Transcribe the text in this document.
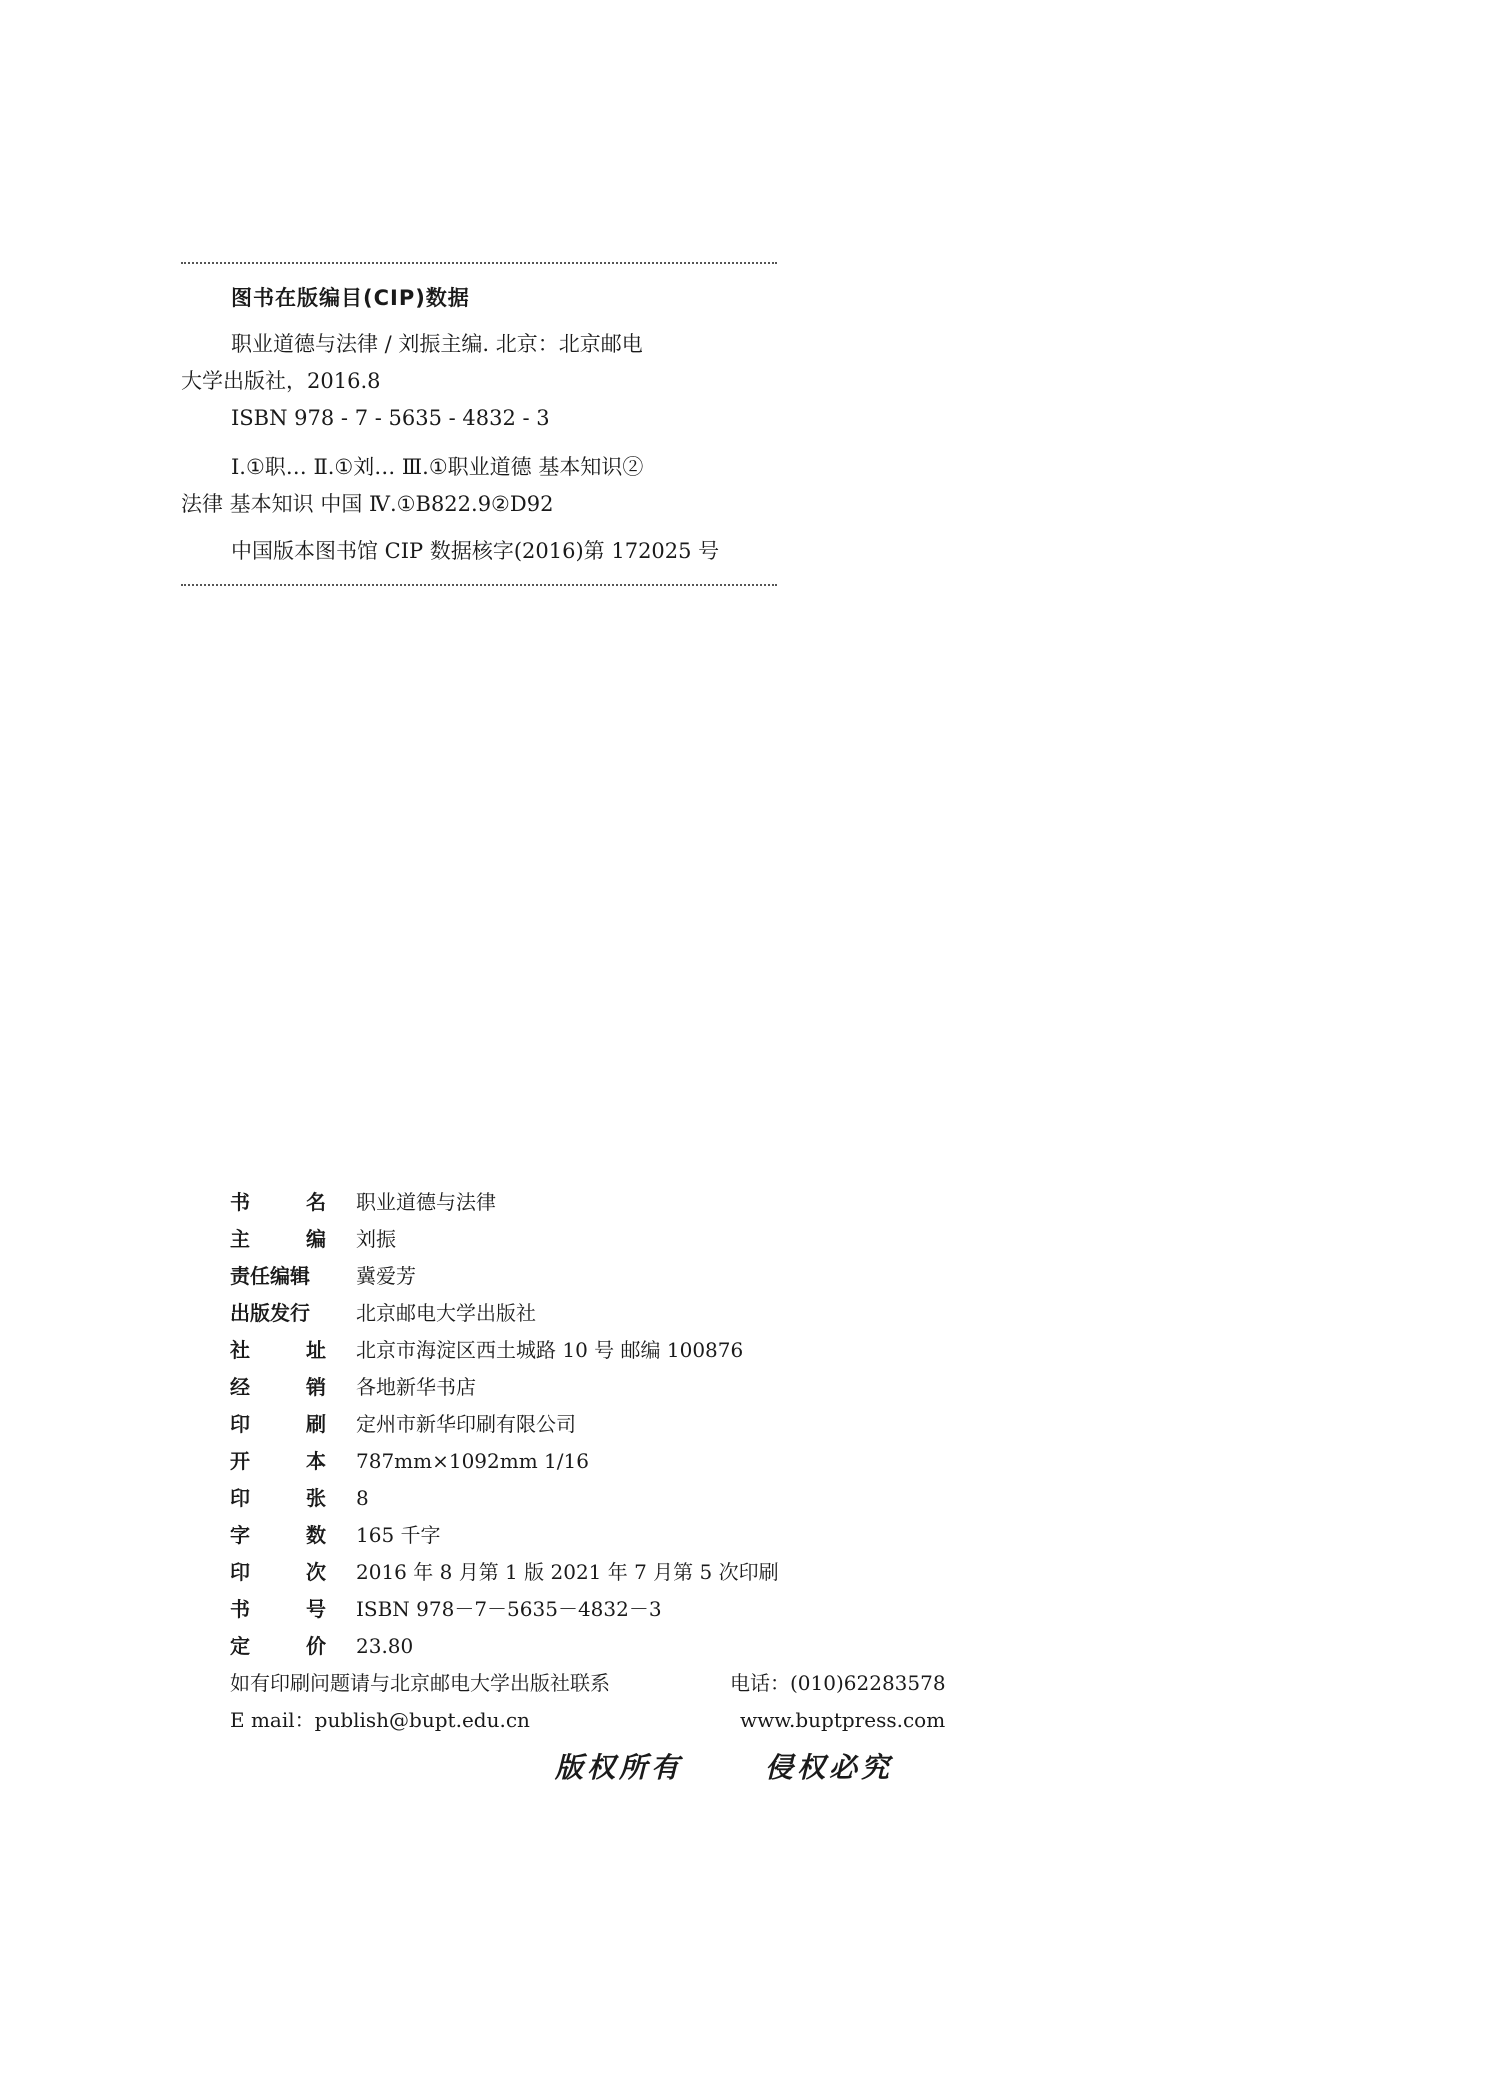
图书在版编目(CIP)数据
职业道德与法律 / 刘振主编. 北京：北京邮电
大学出版社，2016.8
ISBN 978 - 7 - 5635 - 4832 - 3
Ⅰ.①职… Ⅱ.①刘… Ⅲ.①职业道德 基本知识②
法律 基本知识 中国 Ⅳ.①B822.9②D92
中国版本图书馆 CIP 数据核字(2016)第 172025 号
书	名	职业道德与法律
主	编	刘振
责任编辑	冀爱芳
出版发行	北京邮电大学出版社
社	址	北京市海淀区西土城路 10 号 邮编 100876
经	销	各地新华书店
印	刷	定州市新华印刷有限公司
开	本	787mm×1092mm 1/16
印	张	8
字	数	165 千字
印	次	2016 年 8 月第 1 版 2021 年 7 月第 5 次印刷
书	号	ISBN 978－7－5635－4832－3
定	价	23.80
如有印刷问题请与北京邮电大学出版社联系	电话：(010)62283578
E mail：publish@bupt.edu.cn	www.buptpress.com
版权所有	侵权必究
